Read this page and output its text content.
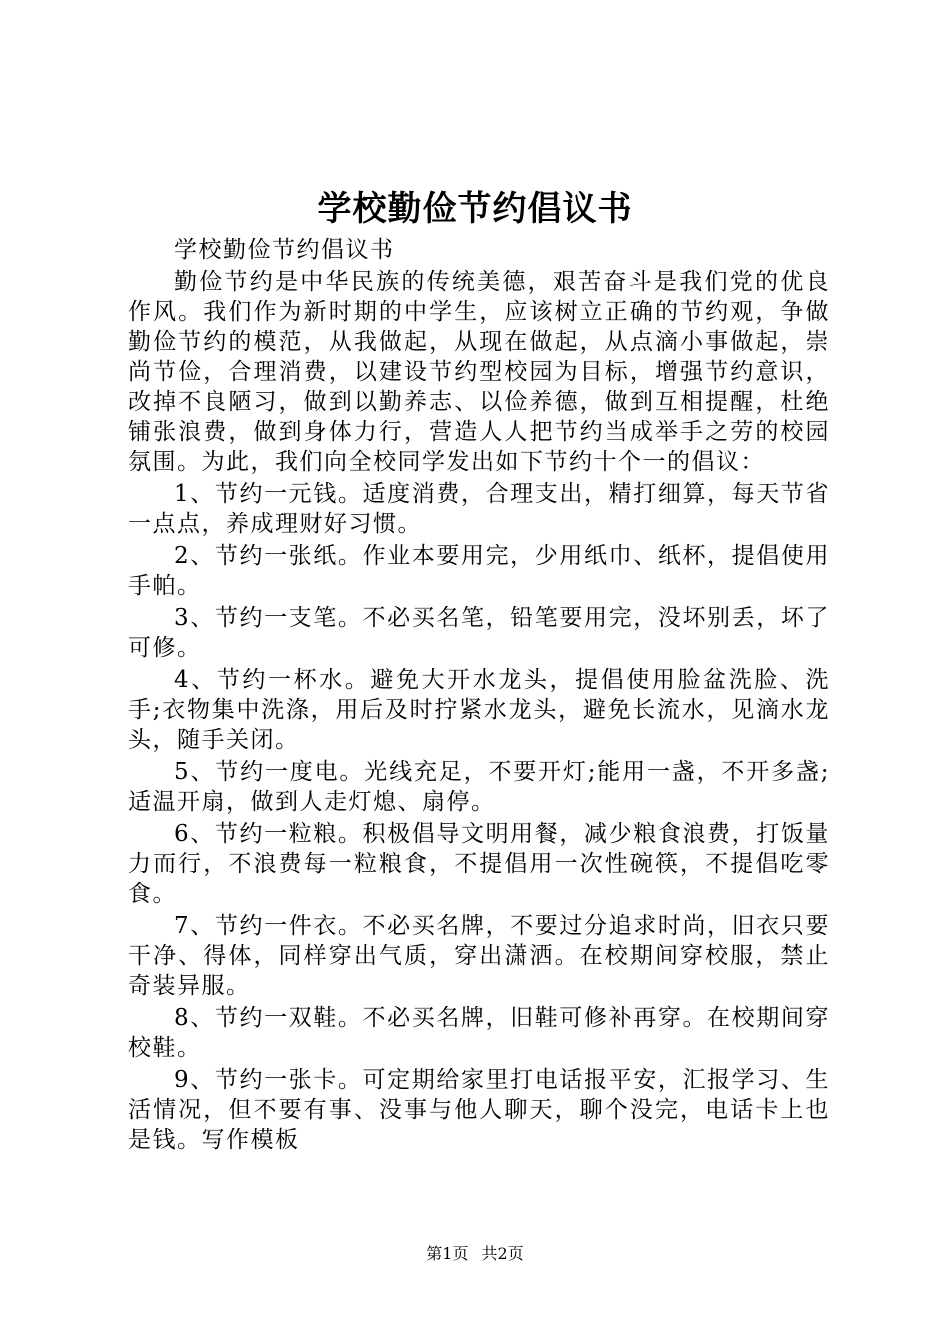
学校勤俭节约倡议书

学校勤俭节约倡议书

勤俭节约是中华民族的传统美德，艰苦奋斗是我们党的优良作风。我们作为新时期的中学生，应该树立正确的节约观，争做勤俭节约的模范，从我做起，从现在做起，从点滴小事做起，崇尚节俭，合理消费，以建设节约型校园为目标，增强节约意识，改掉不良陋习，做到以勤养志、以俭养德，做到互相提醒，杜绝铺张浪费，做到身体力行，营造人人把节约当成举手之劳的校园氛围。为此，我们向全校同学发出如下节约十个一的倡议：

1、节约一元钱。适度消费，合理支出，精打细算，每天节省一点点，养成理财好习惯。

2、节约一张纸。作业本要用完，少用纸巾、纸杯，提倡使用手帕。

3、节约一支笔。不必买名笔，铅笔要用完，没坏别丢，坏了可修。

4、节约一杯水。避免大开水龙头，提倡使用脸盆洗脸、洗手;衣物集中洗涤，用后及时拧紧水龙头，避免长流水，见滴水龙头，随手关闭。

5、节约一度电。光线充足，不要开灯;能用一盏，不开多盏;适温开扇，做到人走灯熄、扇停。

6、节约一粒粮。积极倡导文明用餐，减少粮食浪费，打饭量力而行，不浪费每一粒粮食，不提倡用一次性碗筷，不提倡吃零食。

7、节约一件衣。不必买名牌，不要过分追求时尚，旧衣只要干净、得体，同样穿出气质，穿出潇洒。在校期间穿校服，禁止奇装异服。

8、节约一双鞋。不必买名牌，旧鞋可修补再穿。在校期间穿校鞋。

9、节约一张卡。可定期给家里打电话报平安，汇报学习、生活情况，但不要有事、没事与他人聊天，聊个没完，电话卡上也是钱。写作模板

第1页 共2页
